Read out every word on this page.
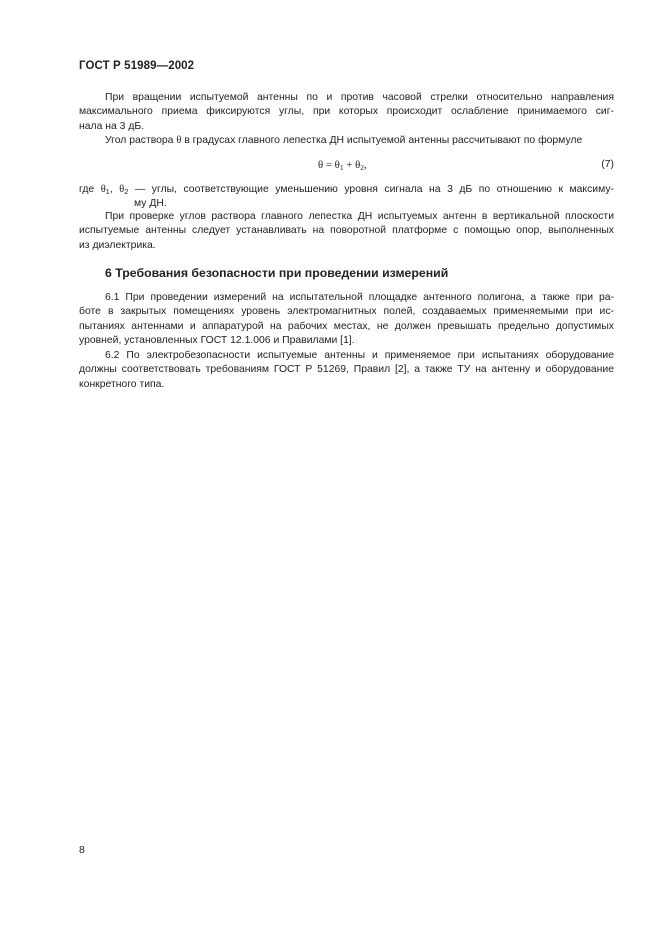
ГОСТ Р 51989—2002
При вращении испытуемой антенны по и против часовой стрелки относительно направления
максимального приема фиксируются углы, при которых происходит ослабление принимаемого сиг-
нала на 3 дБ.
Угол раствора θ в градусах главного лепестка ДН испытуемой антенны рассчитывают по формуле
$\theta = \theta_1 + \theta_2$,	(7)
где $\theta_1$, $\theta_2$ — углы, соответствующие уменьшению уровня сигнала на 3 дБ по отношению к максиму-
му ДН.
При проверке углов раствора главного лепестка ДН испытуемых антенн в вертикальной плоскости
испытуемые антенны следует устанавливать на поворотной платформе с помощью опор, выполненных
из диэлектрика.
6 Требования безопасности при проведении измерений
6.1 При проведении измерений на испытательной площадке антенного полигона, а также при ра-
боте в закрытых помещениях уровень электромагнитных полей, создаваемых применяемыми при ис-
пытаниях антеннами и аппаратурой на рабочих местах, не должен превышать предельно допустимых
уровней, установленных ГОСТ 12.1.006 и Правилами [1].
6.2 По электробезопасности испытуемые антенны и применяемое при испытаниях оборудование
должны соответствовать требованиям ГОСТ Р 51269, Правил [2], а также ТУ на антенну и оборудование
конкретного типа.
8
